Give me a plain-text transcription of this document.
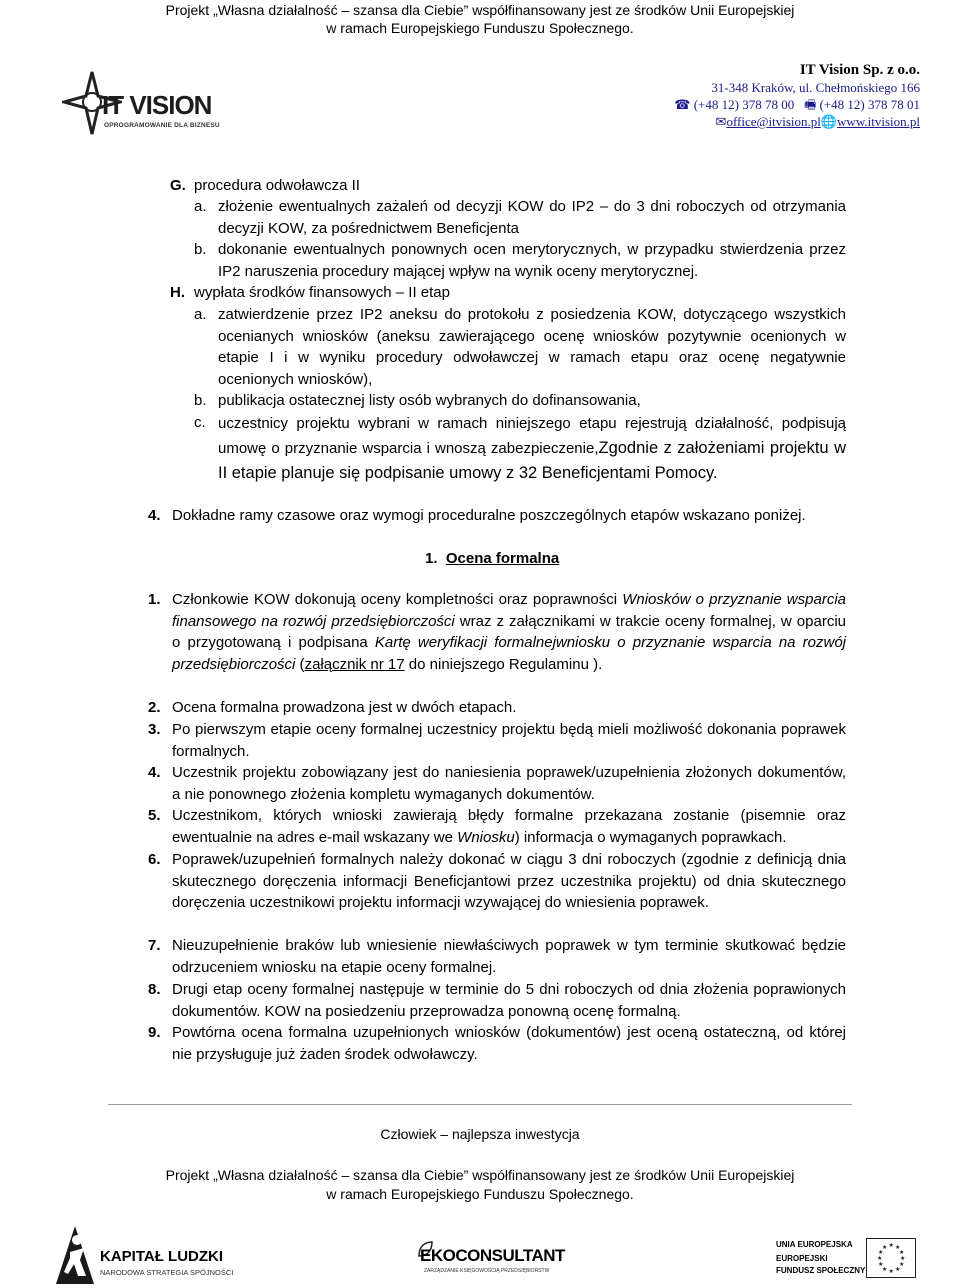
Projekt „Własna działalność – szansa dla Ciebie” współfinansowany jest ze środków Unii Europejskiej
w ramach Europejskiego Funduszu Społecznego.
IT VISION
OPROGRAMOWANIE DLA BIZNESU
IT Vision Sp. z o.o.
31-348 Kraków, ul. Chełmońskiego 166
☎ (+48 12) 378 78 00 🖷 (+48 12) 378 78 01
✉office@itvision.pl🌐www.itvision.pl
G. procedura odwoławcza II
a. złożenie ewentualnych zażaleń od decyzji KOW do IP2 – do 3 dni roboczych od otrzymania decyzji KOW, za pośrednictwem Beneficjenta
b. dokonanie ewentualnych ponownych ocen merytorycznych, w przypadku stwierdzenia przez IP2 naruszenia procedury mającej wpływ na wynik oceny merytorycznej.
H. wypłata środków finansowych – II etap
a. zatwierdzenie przez IP2 aneksu do protokołu z posiedzenia KOW, dotyczącego wszystkich ocenianych wniosków (aneksu zawierającego ocenę wniosków pozytywnie ocenionych w etapie I i w wyniku procedury odwoławczej w ramach etapu oraz ocenę negatywnie ocenionych wniosków),
b. publikacja ostatecznej listy osób wybranych do dofinansowania,
c. uczestnicy projektu wybrani w ramach niniejszego etapu rejestrują działalność, podpisują umowę o przyznanie wsparcia i wnoszą zabezpieczenie,Zgodnie z założeniami projektu w II etapie planuje się podpisanie umowy z 32 Beneficjentami Pomocy.
4. Dokładne ramy czasowe oraz wymogi proceduralne poszczególnych etapów wskazano poniżej.
1. Ocena formalna
1. Członkowie KOW dokonują oceny kompletności oraz poprawności Wniosków o przyznanie wsparcia finansowego na rozwój przedsiębiorczości wraz z załącznikami w trakcie oceny formalnej, w oparciu o przygotowaną i podpisana Kartę weryfikacji formalnejwniosku o przyznanie wsparcia na rozwój przedsiębiorczości (załącznik nr 17 do niniejszego Regulaminu ).
2. Ocena formalna prowadzona jest w dwóch etapach.
3. Po pierwszym etapie oceny formalnej uczestnicy projektu będą mieli możliwość dokonania poprawek formalnych.
4. Uczestnik projektu zobowiązany jest do naniesienia poprawek/uzupełnienia złożonych dokumentów, a nie ponownego złożenia kompletu wymaganych dokumentów.
5. Uczestnikom, których wnioski zawierają błędy formalne przekazana zostanie (pisemnie oraz ewentualnie na adres e-mail wskazany we Wniosku) informacja o wymaganych poprawkach.
6. Poprawek/uzupełnień formalnych należy dokonać w ciągu 3 dni roboczych (zgodnie z definicją dnia skutecznego doręczenia informacji Beneficjantowi przez uczestnika projektu) od dnia skutecznego doręczenia uczestnikowi projektu informacji wzywającej do wniesienia poprawek.
7. Nieuzupełnienie braków lub wniesienie niewłaściwych poprawek w tym terminie skutkować będzie odrzuceniem wniosku na etapie oceny formalnej.
8. Drugi etap oceny formalnej następuje w terminie do 5 dni roboczych od dnia złożenia poprawionych dokumentów. KOW na posiedzeniu przeprowadza ponowną ocenę formalną.
9. Powtórna ocena formalna uzupełnionych wniosków (dokumentów) jest oceną ostateczną, od której nie przysługuje już żaden środek odwoławczy.
Człowiek – najlepsza inwestycja
Projekt „Własna działalność – szansa dla Ciebie” współfinansowany jest ze środków Unii Europejskiej
w ramach Europejskiego Funduszu Społecznego.
KAPITAŁ LUDZKI
NARODOWA STRATEGIA SPÓJNOŚCI
EKOCONSULTANT
ZARZĄDZANIE KSIĘGOWOŚCIĄ PRZEDSIĘBIORSTW
UNIA EUROPEJSKA
EUROPEJSKI
FUNDUSZ SPOŁECZNY
★ ★
★
★
★
★
★
★
★
★
★
★
